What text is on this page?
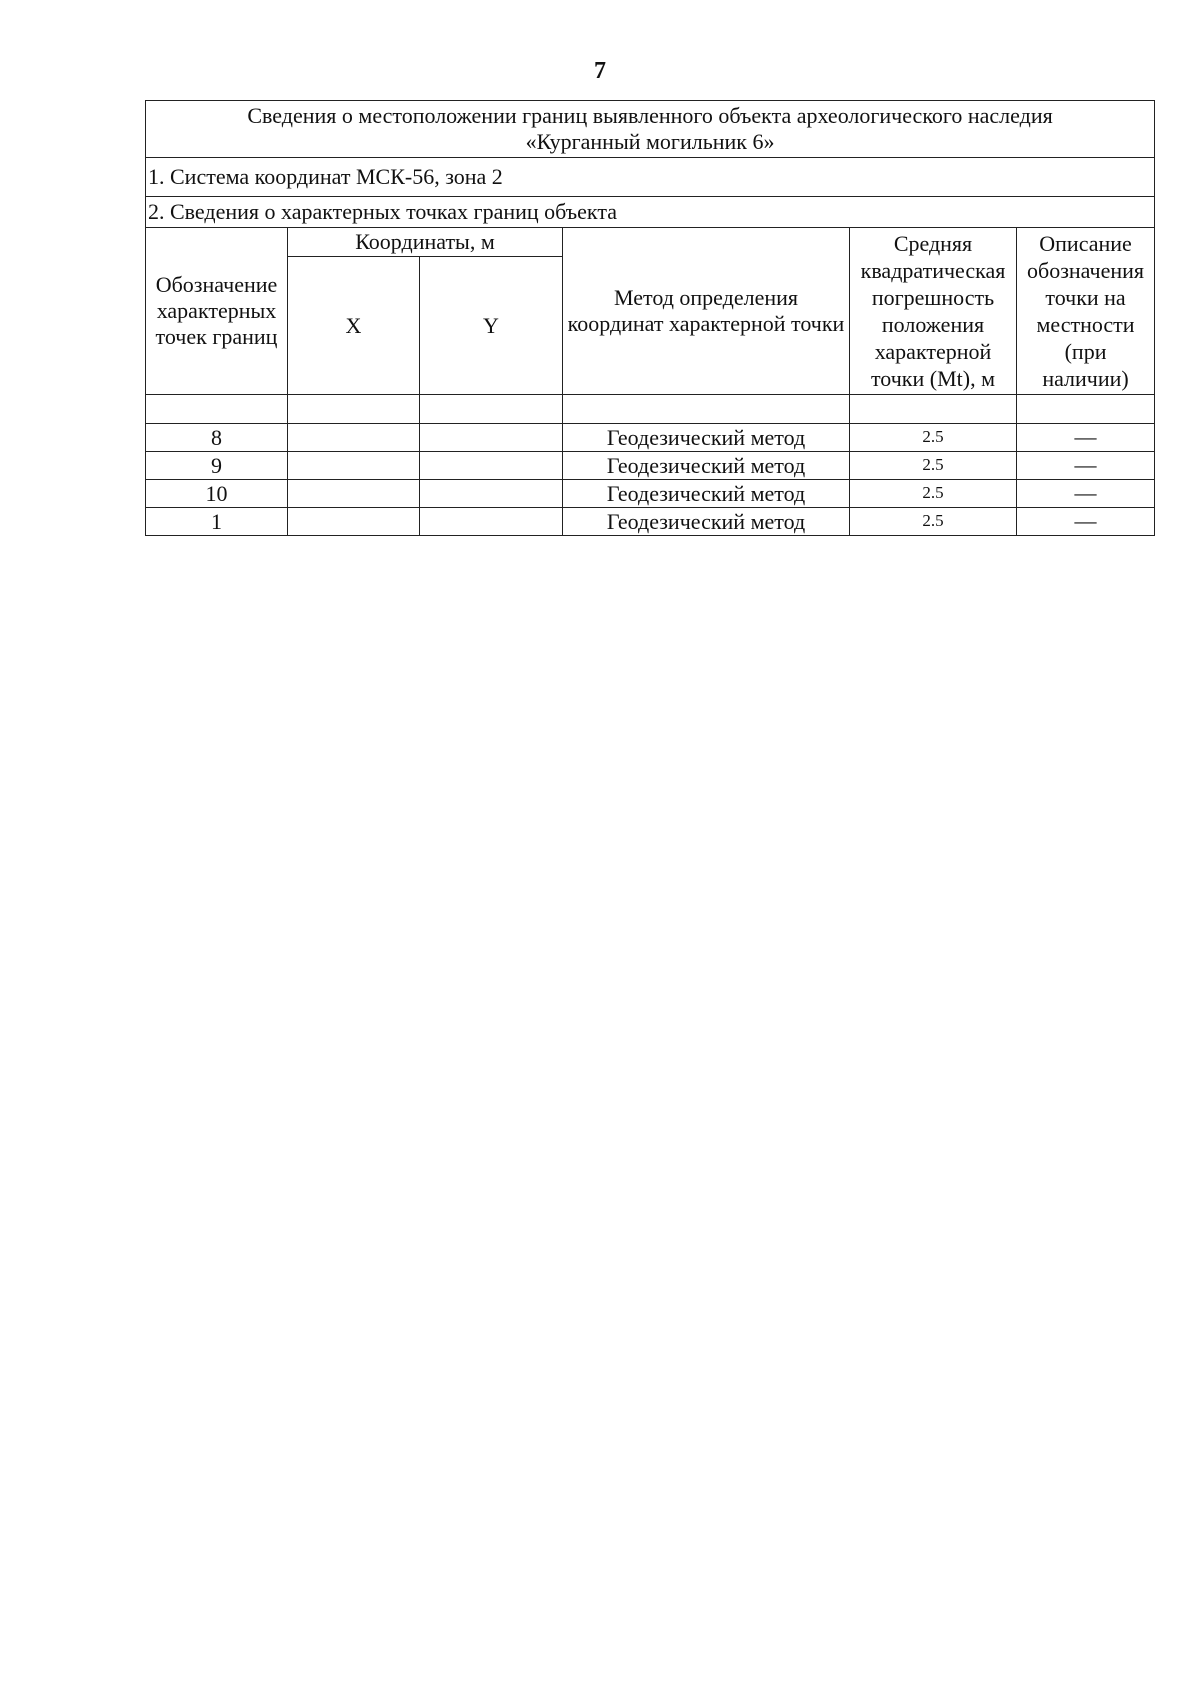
7
Сведения о местоположении границ выявленного объекта археологического наследия
«Курганный могильник 6»					

1. Система координат МСК-56, зона 2					
2. Сведения о характерных точках границ объекта					
Обозначение характерных точек границ	Координаты, м		Метод определения координат характерной точки	Средняя квадратическая погрешность положения характерной точки (Mt), м	Описание обозначения точки на местности (при наличии)
	X	Y			

8			Геодезический метод	2.5	—
9			Геодезический метод	2.5	—
10			Геодезический метод	2.5	—
1			Геодезический метод	2.5	—
